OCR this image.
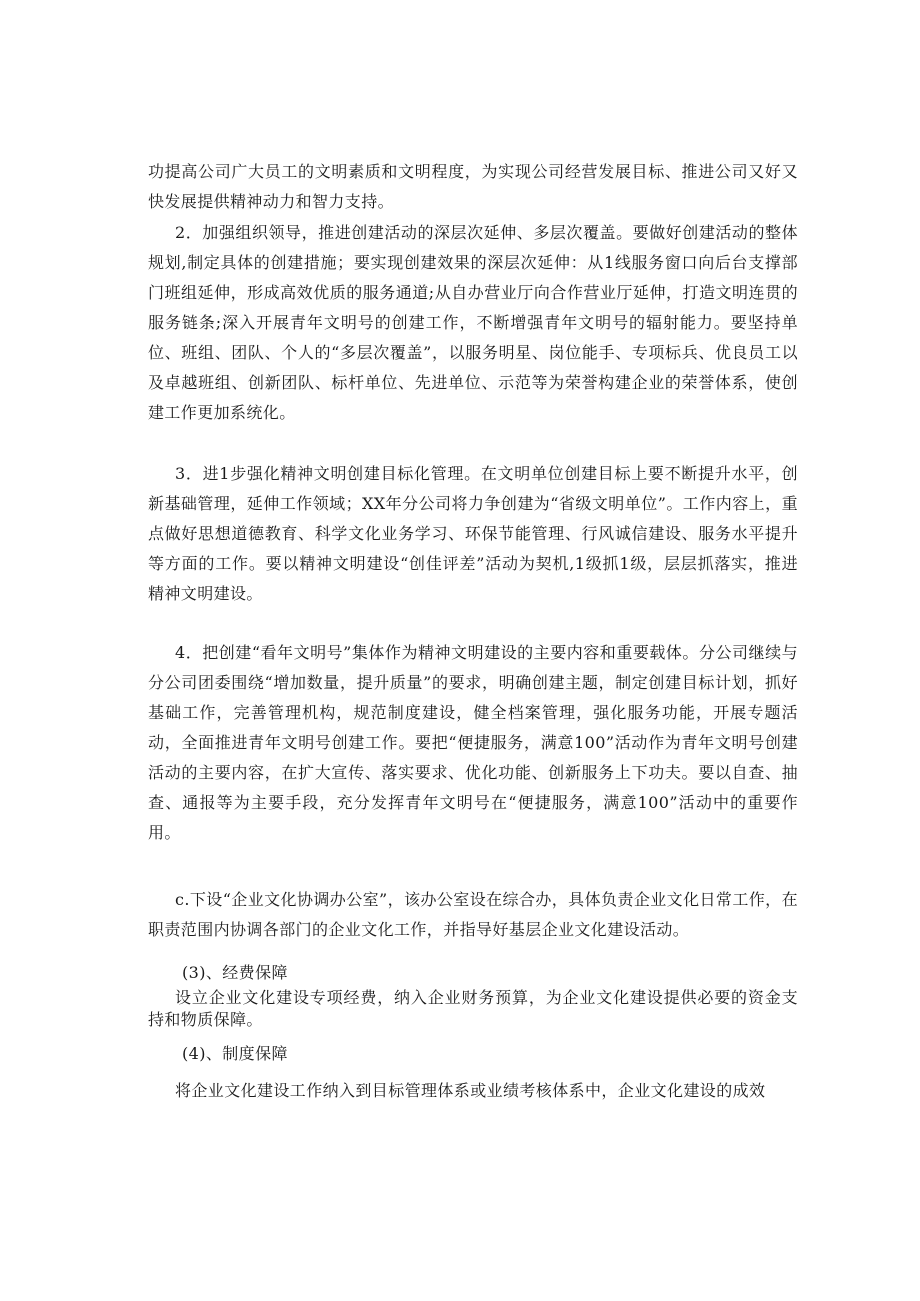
功提高公司广大员工的文明素质和文明程度，为实现公司经营发展目标、推进公司又好又快发展提供精神动力和智力支持。

2．加强组织领导，推进创建活动的深层次延伸、多层次覆盖。要做好创建活动的整体规划,制定具体的创建措施；要实现创建效果的深层次延伸：从1线服务窗口向后台支撑部门班组延伸，形成高效优质的服务通道;从自办营业厅向合作营业厅延伸，打造文明连贯的服务链条;深入开展青年文明号的创建工作，不断增强青年文明号的辐射能力。要坚持单位、班组、团队、个人的“多层次覆盖”，以服务明星、岗位能手、专项标兵、优良员工以及卓越班组、创新团队、标杆单位、先进单位、示范等为荣誉构建企业的荣誉体系，使创建工作更加系统化。

3．进1步强化精神文明创建目标化管理。在文明单位创建目标上要不断提升水平，创新基础管理，延伸工作领域；XX年分公司将力争创建为“省级文明单位”。工作内容上，重点做好思想道德教育、科学文化业务学习、环保节能管理、行风诚信建设、服务水平提升等方面的工作。要以精神文明建设“创佳评差”活动为契机,1级抓1级，层层抓落实，推进精神文明建设。

4．把创建“看年文明号”集体作为精神文明建设的主要内容和重要载体。分公司继续与分公司团委围绕“增加数量，提升质量”的要求，明确创建主题，制定创建目标计划，抓好基础工作，完善管理机构，规范制度建设，健全档案管理，强化服务功能，开展专题活动，全面推进青年文明号创建工作。要把“便捷服务，满意100”活动作为青年文明号创建活动的主要内容，在扩大宣传、落实要求、优化功能、创新服务上下功夫。要以自查、抽查、通报等为主要手段，充分发挥青年文明号在“便捷服务，满意100”活动中的重要作用。

c.下设“企业文化协调办公室”，该办公室设在综合办，具体负责企业文化日常工作，在职责范围内协调各部门的企业文化工作，并指导好基层企业文化建设活动。

(3)、经费保障

设立企业文化建设专项经费，纳入企业财务预算，为企业文化建设提供必要的资金支持和物质保障。

(4)、制度保障

将企业文化建设工作纳入到目标管理体系或业绩考核体系中，企业文化建设的成效
